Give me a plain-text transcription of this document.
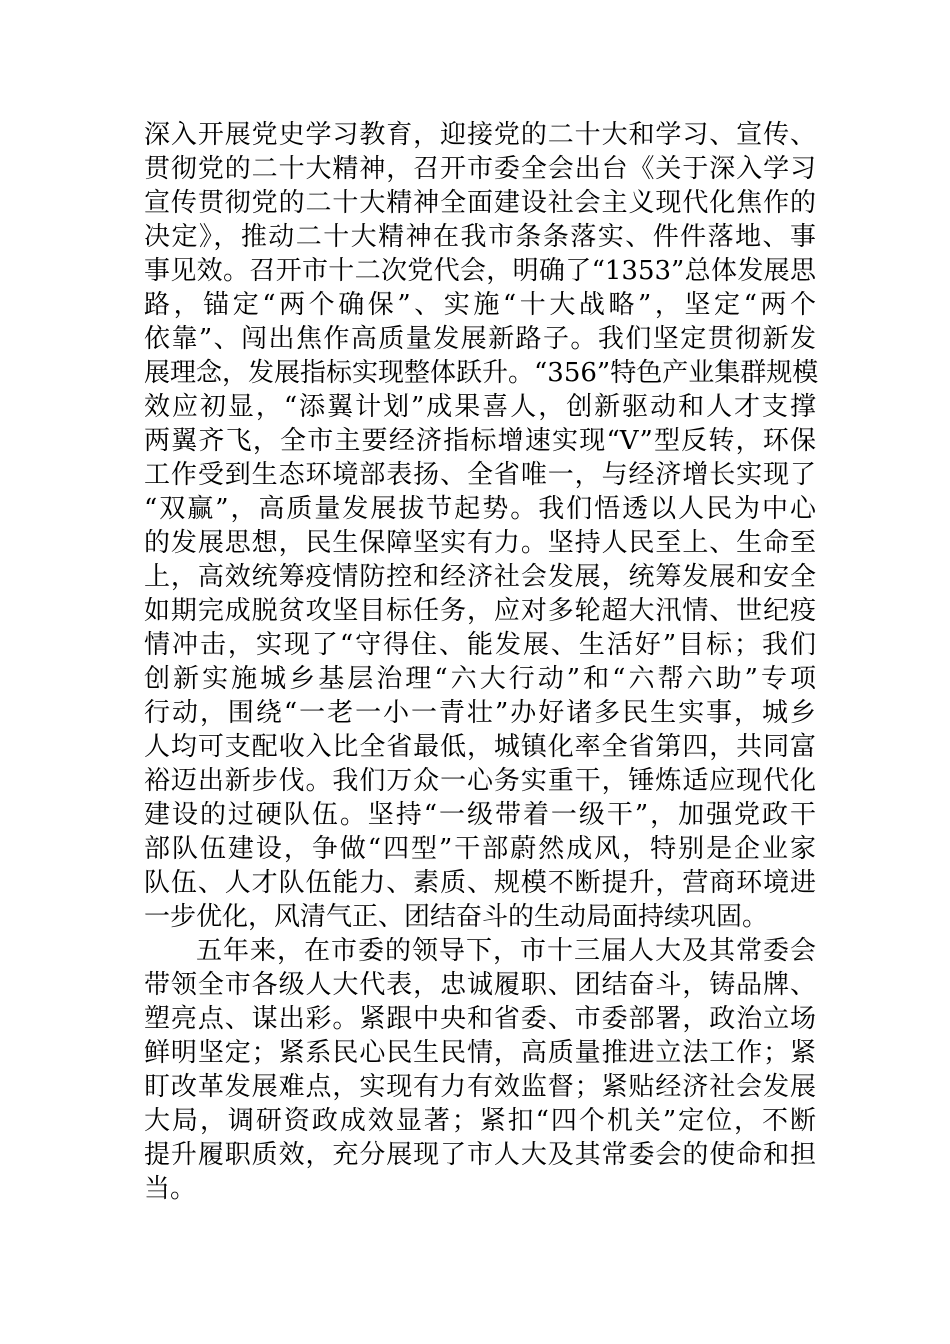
深入开展党史学习教育，迎接党的二十大和学习、宣传、
贯彻党的二十大精神，召开市委全会出台《关于深入学习
宣传贯彻党的二十大精神全面建设社会主义现代化焦作的
决定》，推动二十大精神在我市条条落实、件件落地、事
事见效。召开市十二次党代会，明确了“1353”总体发展思
路，锚定“两个确保”、实施“十大战略”，坚定“两个
依靠”、闯出焦作高质量发展新路子。我们坚定贯彻新发
展理念，发展指标实现整体跃升。“356”特色产业集群规模
效应初显，“添翼计划”成果喜人，创新驱动和人才支撑
两翼齐飞，全市主要经济指标增速实现“V”型反转，环保
工作受到生态环境部表扬、全省唯一，与经济增长实现了
“双赢”，高质量发展拔节起势。我们悟透以人民为中心
的发展思想，民生保障坚实有力。坚持人民至上、生命至
上，高效统筹疫情防控和经济社会发展，统筹发展和安全
如期完成脱贫攻坚目标任务，应对多轮超大汛情、世纪疫
情冲击，实现了“守得住、能发展、生活好”目标；我们
创新实施城乡基层治理“六大行动”和“六帮六助”专项
行动，围绕“一老一小一青壮”办好诸多民生实事，城乡
人均可支配收入比全省最低，城镇化率全省第四，共同富
裕迈出新步伐。我们万众一心务实重干，锤炼适应现代化
建设的过硬队伍。坚持“一级带着一级干”，加强党政干
部队伍建设，争做“四型”干部蔚然成风，特别是企业家
队伍、人才队伍能力、素质、规模不断提升，营商环境进
一步优化，风清气正、团结奋斗的生动局面持续巩固。
五年来，在市委的领导下，市十三届人大及其常委会
带领全市各级人大代表，忠诚履职、团结奋斗，铸品牌、
塑亮点、谋出彩。紧跟中央和省委、市委部署，政治立场
鲜明坚定；紧系民心民生民情，高质量推进立法工作；紧
盯改革发展难点，实现有力有效监督；紧贴经济社会发展
大局，调研资政成效显著；紧扣“四个机关”定位，不断
提升履职质效，充分展现了市人大及其常委会的使命和担
当。
